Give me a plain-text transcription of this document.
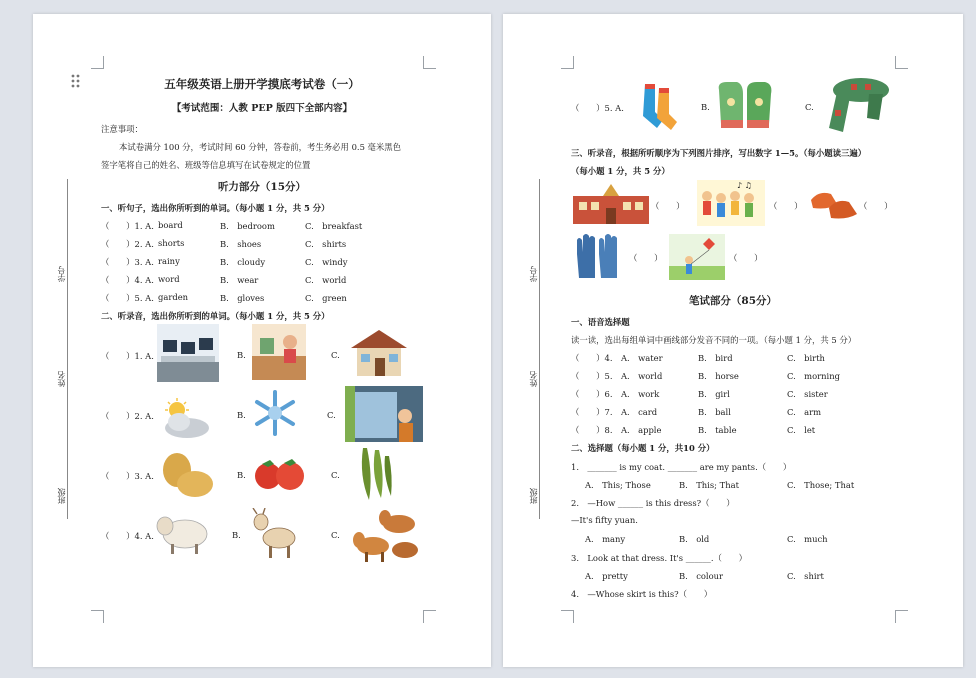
学号
姓名
班级
五年级英语上册开学摸底考试卷（一）
【考试范围：人教 PEP 版四下全部内容】
注意事项：
本试卷满分 100 分，考试时间 60 分钟，答卷前，考生务必用 0.5 毫米黑色
签字笔将自己的姓名、班级等信息填写在试卷规定的位置
听力部分（15分）
一、听句子，选出你所听到的单词。（每小题 1 分，共 5 分）
（　　）1. A. board	B.　bedroom	C.　breakfast
（　　）2. A. shorts	B.　shoes	C.　shirts
（　　）3. A. rainy	B.　cloudy	C.　windy
（　　）4. A. word	B.　wear	C.　world
（　　）5. A. garden	B.　gloves	C.　green
二、听录音，选出你所听到的单词。（每小题 1 分，共 5 分）
（　　）1. A.	B.	C.
（　　）2. A.	B.	C.
（　　）3. A.	B.	C.
（　　）4. A.	B.	C.
学号
姓名
班级
（　　）5. A.	B.	C.
三、听录音，根据所听顺序为下列图片排序，写出数字 1—5。（每小题读三遍）
（每小题 1 分，共 5 分）
（　　）
♪ ♫
（　　）	（　　）
（　　）	（　　）
笔试部分（85分）
一、语音选择题
读一读，选出每组单词中画线部分发音不同的一项。（每小题 1 分，共 5 分）
（　　）4. A.　water	B.　bird	C.　birth
（　　）5. A.　world	B.　horse	C.　morning
（　　）6. A.　work	B.　girl	C.　sister
（　　）7. A.　card	B.　ball	C.　arm
（　　）8. A.　apple	B.　table	C.　let
二、选择题（每小题 1 分，共10 分）
1.　_______ is my coat. _______ are my pants.（　　）
A.　This; Those	B.　This; That	C.　Those; That
2.　—How ______ is this dress?（　　）
—It's fifty yuan.
A.　many	B.　old	C.　much
3.　Look at that dress. It's ______.（　　）
A.　pretty	B.　colour	C.　shirt
4.　—Whose skirt is this?（　　）
